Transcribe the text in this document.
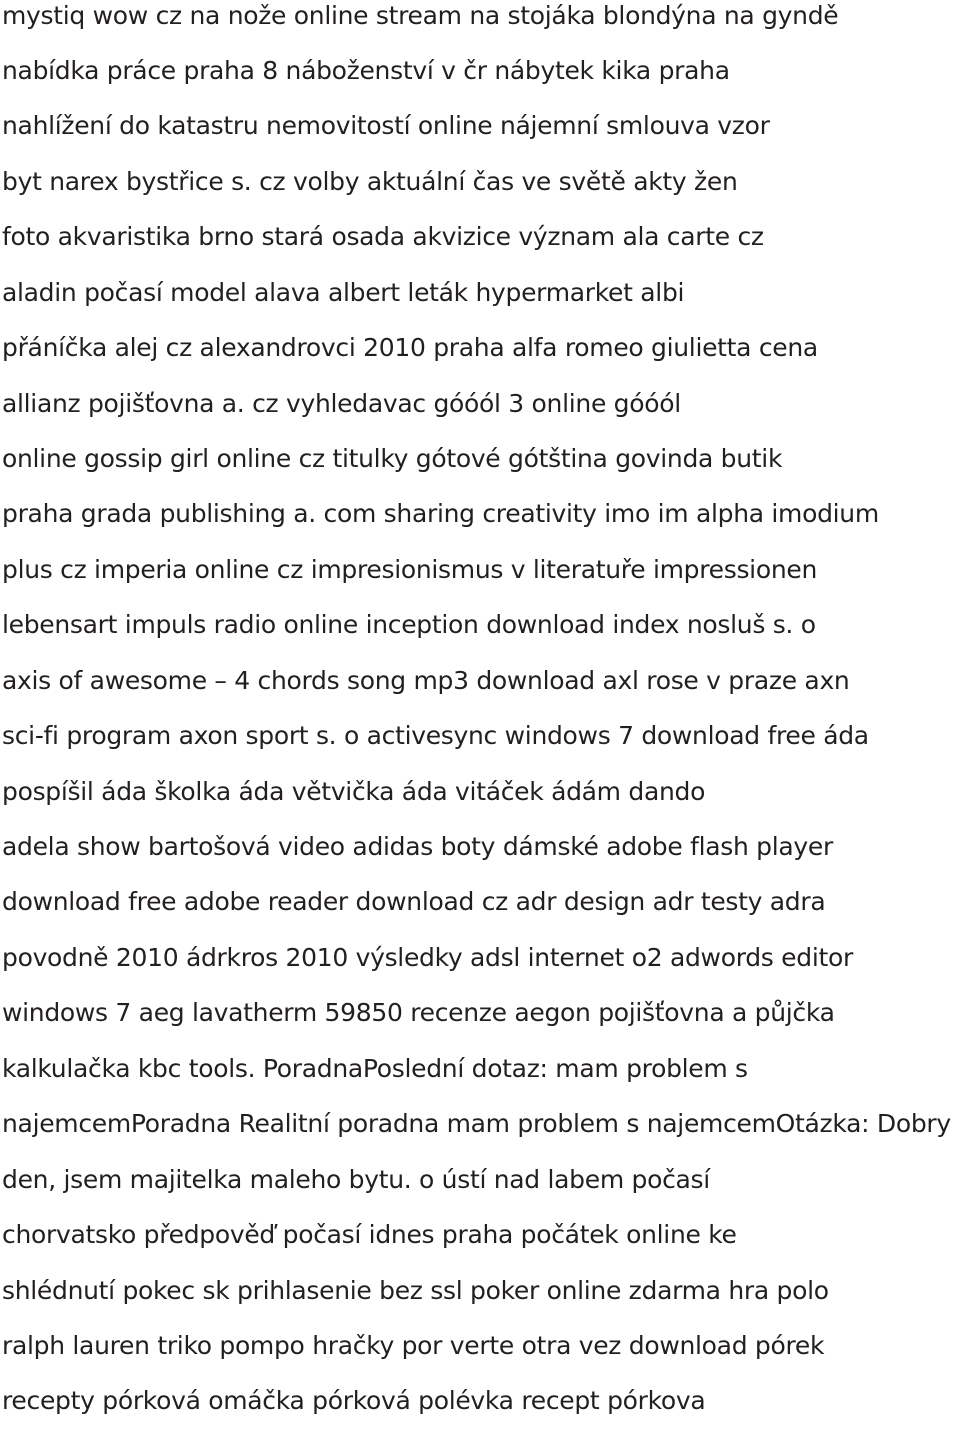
mystiq wow cz na nože online stream na stojáka blondýna na gyndě
nabídka práce praha 8 náboženství v čr nábytek kika praha
nahlížení do katastru nemovitostí online nájemní smlouva vzor
byt narex bystřice s. cz volby aktuální čas ve světě akty žen
foto akvaristika brno stará osada akvizice význam ala carte cz
aladin počasí model alava albert leták hypermarket albi
přáníčka alej cz alexandrovci 2010 praha alfa romeo giulietta cena
allianz pojišťovna a. cz vyhledavac góóól 3 online góóól
online gossip girl online cz titulky gótové gótština govinda butik
praha grada publishing a. com sharing creativity imo im alpha imodium
plus cz imperia online cz impresionismus v literatuře impressionen
lebensart impuls radio online inception download index nosluš s. o
axis of awesome – 4 chords song mp3 download axl rose v praze axn
sci-fi program axon sport s. o activesync windows 7 download free áda
pospíšil áda školka áda větvička áda vitáček ádám dando
adela show bartošová video adidas boty dámské adobe flash player
download free adobe reader download cz adr design adr testy adra
povodně 2010 ádrkros 2010 výsledky adsl internet o2 adwords editor
windows 7 aeg lavatherm 59850 recenze aegon pojišťovna a půjčka
kalkulačka kbc tools. PoradnaPoslední dotaz: mam problem s
najemcemPoradna Realitní poradna mam problem s najemcemOtázka: Dobry
den, jsem majitelka maleho bytu. o ústí nad labem počasí
chorvatsko předpověď počasí idnes praha počátek online ke
shlédnutí pokec sk prihlasenie bez ssl poker online zdarma hra polo
ralph lauren triko pompo hračky por verte otra vez download pórek
recepty pórková omáčka pórková polévka recept pórkova
